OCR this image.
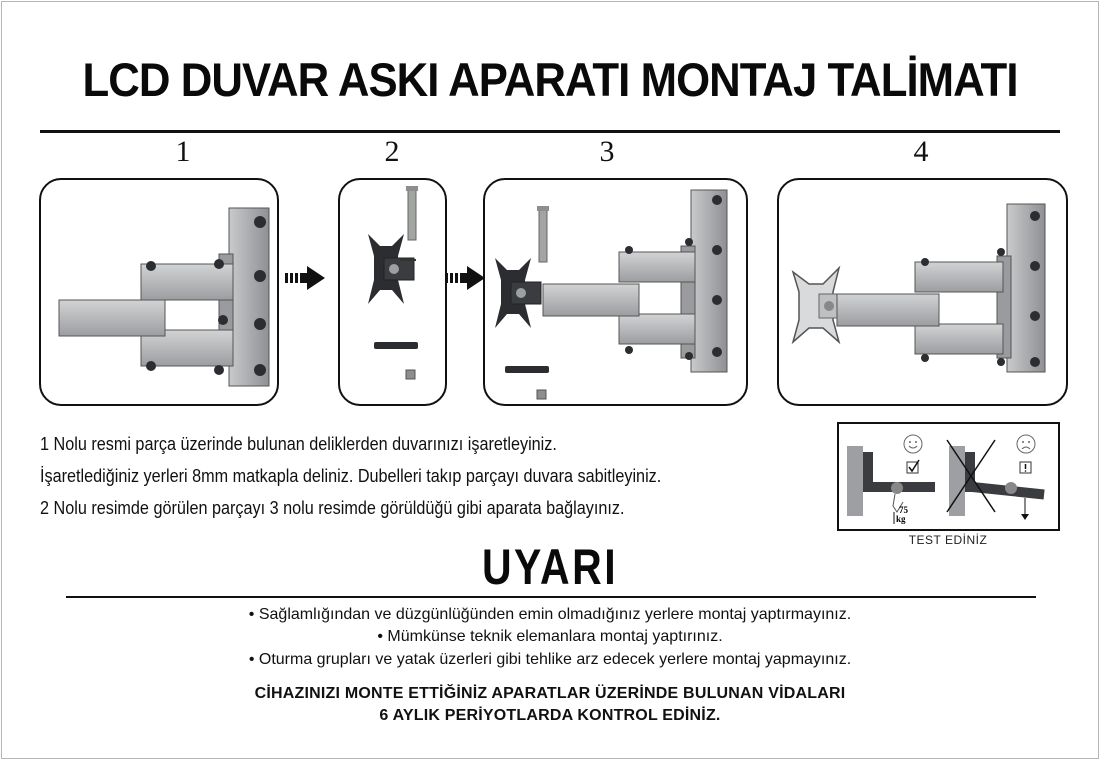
LCD DUVAR ASKI APARATI MONTAJ TALİMATI
1	2	3	4
1 Nolu resmi parça üzerinde bulunan deliklerden duvarınızı işaretleyiniz.
İşaretlediğiniz yerleri 8mm matkapla deliniz. Dubelleri takıp parçayı duvara sabitleyiniz.
2 Nolu resimde görülen parçayı 3 nolu resimde görüldüğü gibi aparata bağlayınız.	75
kg
TEST EDİNİZ
UYARI
• Sağlamlığından ve düzgünlüğünden emin olmadığınız yerlere montaj yaptırmayınız.
• Mümkünse teknik elemanlara montaj yaptırınız.
• Oturma grupları ve yatak üzerleri gibi tehlike arz edecek yerlere montaj yapmayınız.
CİHAZINIZI MONTE ETTİĞİNİZ APARATLAR ÜZERİNDE BULUNAN VİDALARI
6 AYLIK PERİYOTLARDA KONTROL EDİNİZ.
